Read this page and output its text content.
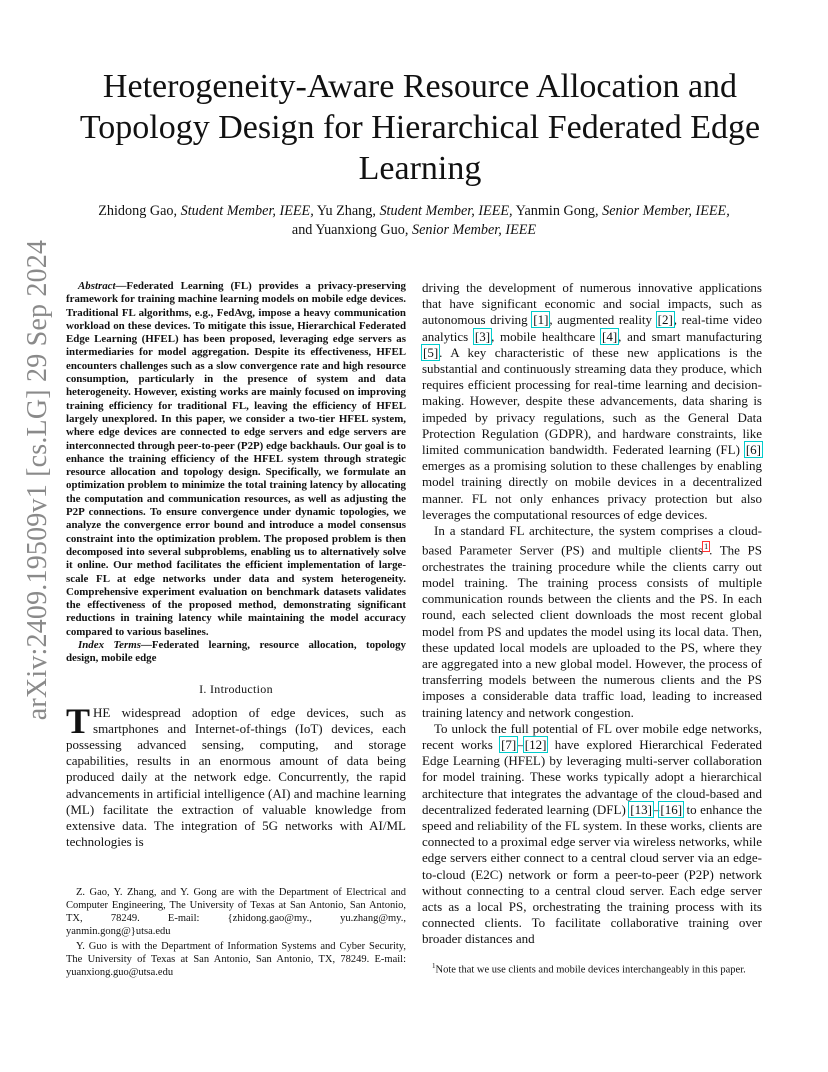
arXiv:2409.19509v1 [cs.LG] 29 Sep 2024
Heterogeneity-Aware Resource Allocation and Topology Design for Hierarchical Federated Edge Learning
Zhidong Gao, Student Member, IEEE, Yu Zhang, Student Member, IEEE, Yanmin Gong, Senior Member, IEEE,
and Yuanxiong Guo, Senior Member, IEEE

Abstract—Federated Learning (FL) provides a privacy-preserving framework for training machine learning models on mobile edge devices. Traditional FL algorithms, e.g., FedAvg, impose a heavy communication workload on these devices. To mitigate this issue, Hierarchical Federated Edge Learning (HFEL) has been proposed, leveraging edge servers as intermediaries for model aggregation. Despite its effectiveness, HFEL encounters challenges such as a slow convergence rate and high resource consumption, particularly in the presence of system and data heterogeneity. However, existing works are mainly focused on improving training efficiency for traditional FL, leaving the efficiency of HFEL largely unexplored. In this paper, we consider a two-tier HFEL system, where edge devices are connected to edge servers and edge servers are interconnected through peer-to-peer (P2P) edge backhauls. Our goal is to enhance the training efficiency of the HFEL system through strategic resource allocation and topology design. Specifically, we formulate an optimization problem to minimize the total training latency by allocating the computation and communication resources, as well as adjusting the P2P connections. To ensure convergence under dynamic topologies, we analyze the convergence error bound and introduce a model consensus constraint into the optimization problem. The proposed problem is then decomposed into several subproblems, enabling us to alternatively solve it online. Our method facilitates the efficient implementation of large-scale FL at edge networks under data and system heterogeneity. Comprehensive experiment evaluation on benchmark datasets validates the effectiveness of the proposed method, demonstrating significant reductions in training latency while maintaining the model accuracy compared to various baselines.

Index Terms—Federated learning, resource allocation, topology design, mobile edge

I. Introduction

THE widespread adoption of edge devices, such as smartphones and Internet-of-things (IoT) devices, each possessing advanced sensing, computing, and storage capabilities, results in an enormous amount of data being produced daily at the network edge. Concurrently, the rapid advancements in artificial intelligence (AI) and machine learning (ML) facilitate the extraction of valuable knowledge from extensive data. The integration of 5G networks with AI/ML technologies is

driving the development of numerous innovative applications that have significant economic and social impacts, such as autonomous driving [1], augmented reality [2], real-time video analytics [3], mobile healthcare [4], and smart manufacturing [5]. A key characteristic of these new applications is the substantial and continuously streaming data they produce, which requires efficient processing for real-time learning and decision-making. However, despite these advancements, data sharing is impeded by privacy regulations, such as the General Data Protection Regulation (GDPR), and hardware constraints, like limited communication bandwidth. Federated learning (FL) [6] emerges as a promising solution to these challenges by enabling model training directly on mobile devices in a decentralized manner. FL not only enhances privacy protection but also leverages the computational resources of edge devices.

In a standard FL architecture, the system comprises a cloud-based Parameter Server (PS) and multiple clients$^1$. The PS orchestrates the training procedure while the clients carry out model training. The training process consists of multiple communication rounds between the clients and the PS. In each round, each selected client downloads the most recent global model from PS and updates the model using its local data. Then, these updated local models are uploaded to the PS, where they are aggregated into a new global model. However, the process of transferring models between the numerous clients and the PS imposes a considerable data traffic load, leading to increased training latency and network congestion.

To unlock the full potential of FL over mobile edge networks, recent works [7]–[12] have explored Hierarchical Federated Edge Learning (HFEL) by leveraging multi-server collaboration for model training. These works typically adopt a hierarchical architecture that integrates the advantage of the cloud-based and decentralized federated learning (DFL) [13]–[16] to enhance the speed and reliability of the FL system. In these works, clients are connected to a proximal edge server via wireless networks, while edge servers either connect to a central cloud server via an edge-to-cloud (E2C) network or form a peer-to-peer (P2P) network without connecting to a central cloud server. Each edge server acts as a local PS, orchestrating the training process with its connected clients. To facilitate collaborative training over broader distances and

Z. Gao, Y. Zhang, and Y. Gong are with the Department of Electrical and Computer Engineering, The University of Texas at San Antonio, San Antonio, TX, 78249. E-mail: {zhidong.gao@my., yu.zhang@my., yanmin.gong@}utsa.edu

Y. Guo is with the Department of Information Systems and Cyber Security, The University of Texas at San Antonio, San Antonio, TX, 78249. E-mail: yuanxiong.guo@utsa.edu

$^1$Note that we use clients and mobile devices interchangeably in this paper.
